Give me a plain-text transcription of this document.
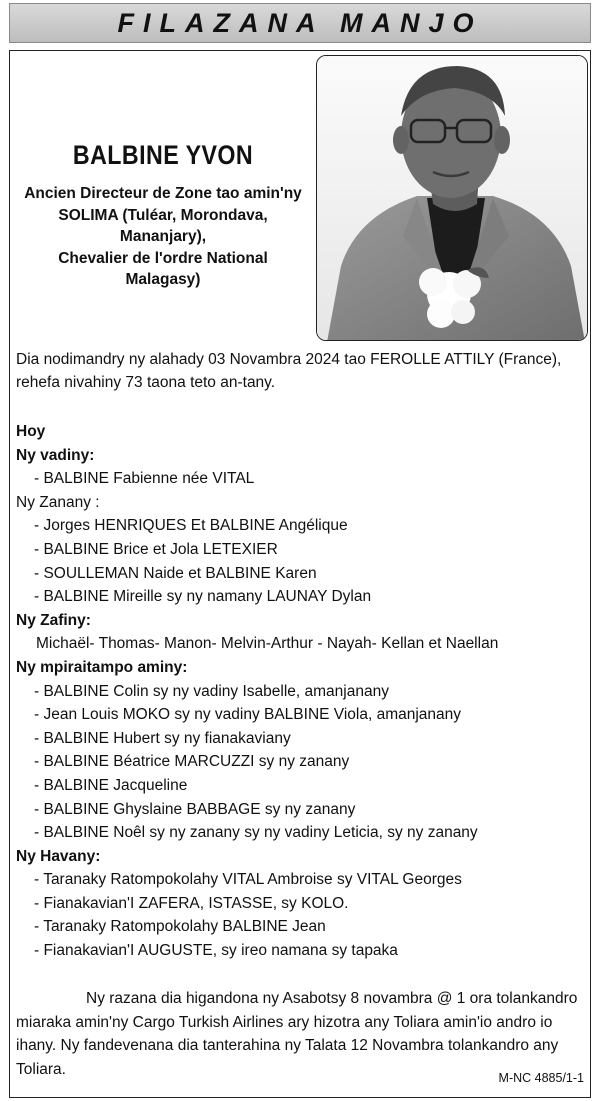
FILAZANA MANJO
BALBINE YVON
Ancien Directeur de Zone tao amin'ny
SOLIMA (Tuléar, Morondava, Mananjary),
Chevalier de l'ordre National
Malagasy)
Dia nodimandry ny alahady 03 Novambra 2024 tao FEROLLE ATTILY (France),
rehefa nivahiny 73 taona teto an-tany.
Hoy
Ny vadiny:
- BALBINE Fabienne née VITAL
Ny Zanany :
- Jorges HENRIQUES Et BALBINE Angélique
- BALBINE Brice et Jola LETEXIER
- SOULLEMAN Naide et BALBINE Karen
- BALBINE Mireille sy ny namany LAUNAY Dylan
Ny Zafiny:
Michaël- Thomas- Manon- Melvin-Arthur - Nayah- Kellan et Naellan
Ny mpiraitampo aminy:
- BALBINE Colin sy ny vadiny Isabelle, amanjanany
- Jean Louis MOKO sy ny vadiny BALBINE Viola, amanjanany
- BALBINE Hubert sy ny fianakaviany
- BALBINE Béatrice MARCUZZI sy ny zanany
- BALBINE Jacqueline
- BALBINE Ghyslaine BABBAGE sy ny zanany
- BALBINE Noêl sy ny zanany sy ny vadiny Leticia, sy ny zanany
Ny Havany:
- Taranaky Ratompokolahy VITAL Ambroise sy VITAL Georges
- Fianakavian'I ZAFERA, ISTASSE, sy KOLO.
- Taranaky Ratompokolahy BALBINE Jean
- Fianakavian'I AUGUSTE, sy ireo namana sy tapaka
Ny razana dia higandona ny Asabotsy 8 novambra @ 1 ora tolankandro
miaraka amin'ny Cargo Turkish Airlines ary hizotra any Toliara amin'io andro io
ihany. Ny fandevenana dia tanterahina ny Talata 12 Novambra tolankandro any
Toliara.
M-NC 4885/1-1
